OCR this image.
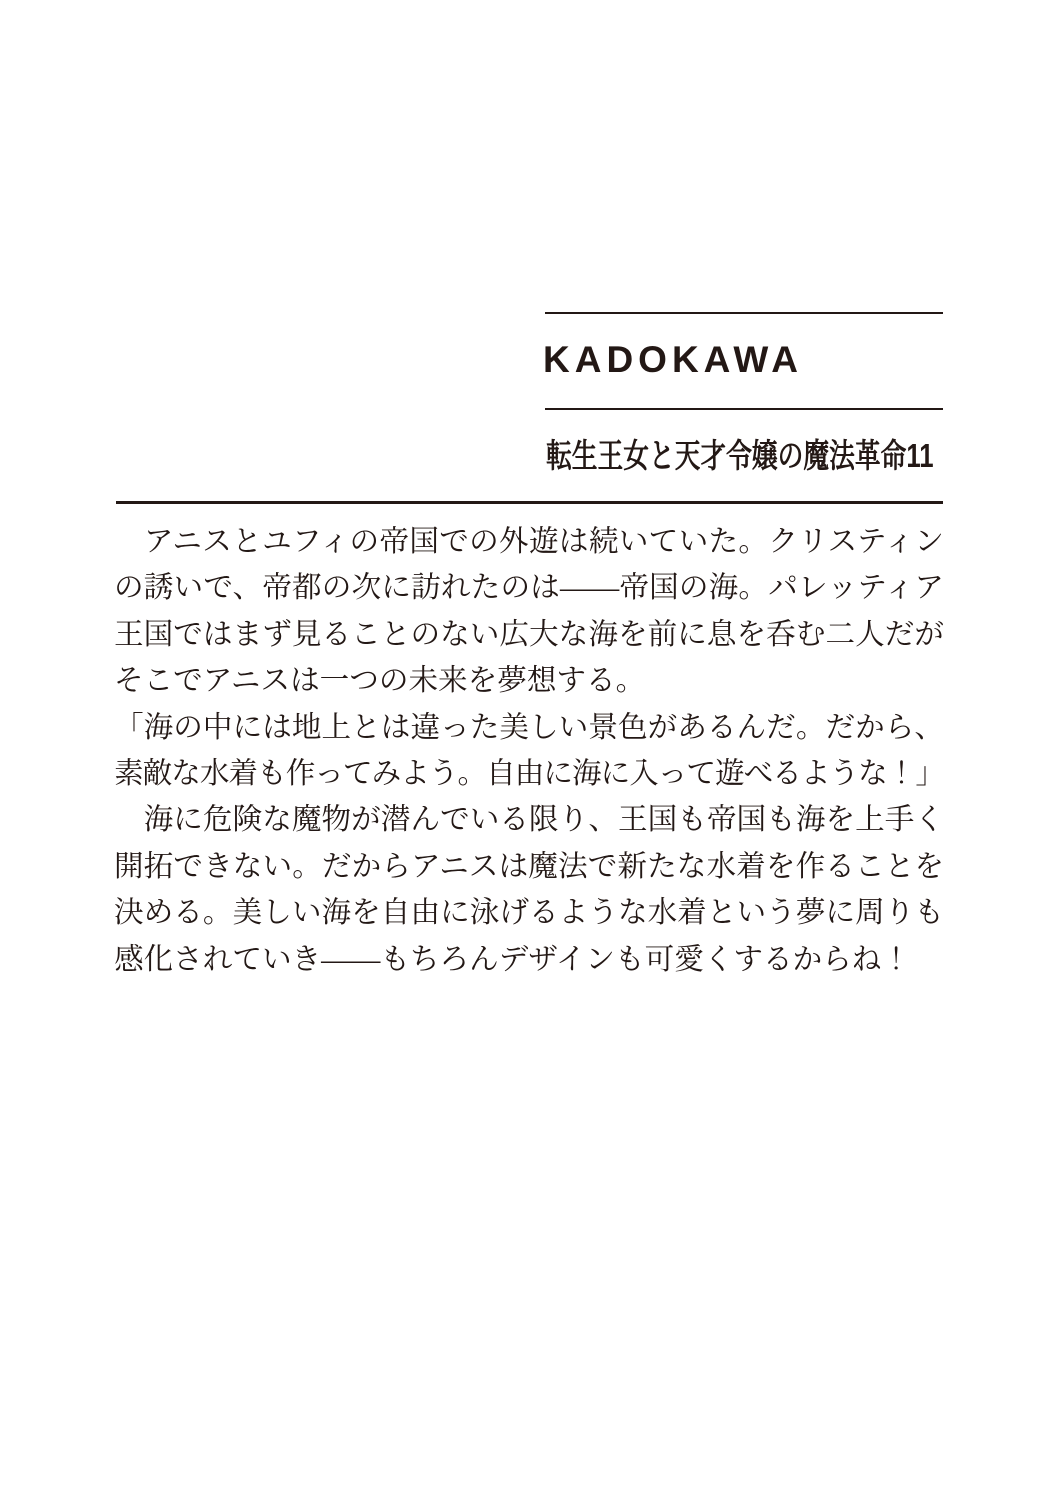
KADOKAWA
転生王女と天才令嬢の魔法革命11
　アニスとユフィの帝国での外遊は続いていた。クリスティン
の誘いで、帝都の次に訪れたのは——帝国の海。パレッティア
王国ではまず見ることのない広大な海を前に息を呑む二人だが
そこでアニスは一つの未来を夢想する。
「海の中には地上とは違った美しい景色があるんだ。だから、
素敵な水着も作ってみよう。自由に海に入って遊べるような！」
　海に危険な魔物が潜んでいる限り、王国も帝国も海を上手く
開拓できない。だからアニスは魔法で新たな水着を作ることを
決める。美しい海を自由に泳げるような水着という夢に周りも
感化されていき——もちろんデザインも可愛くするからね！
